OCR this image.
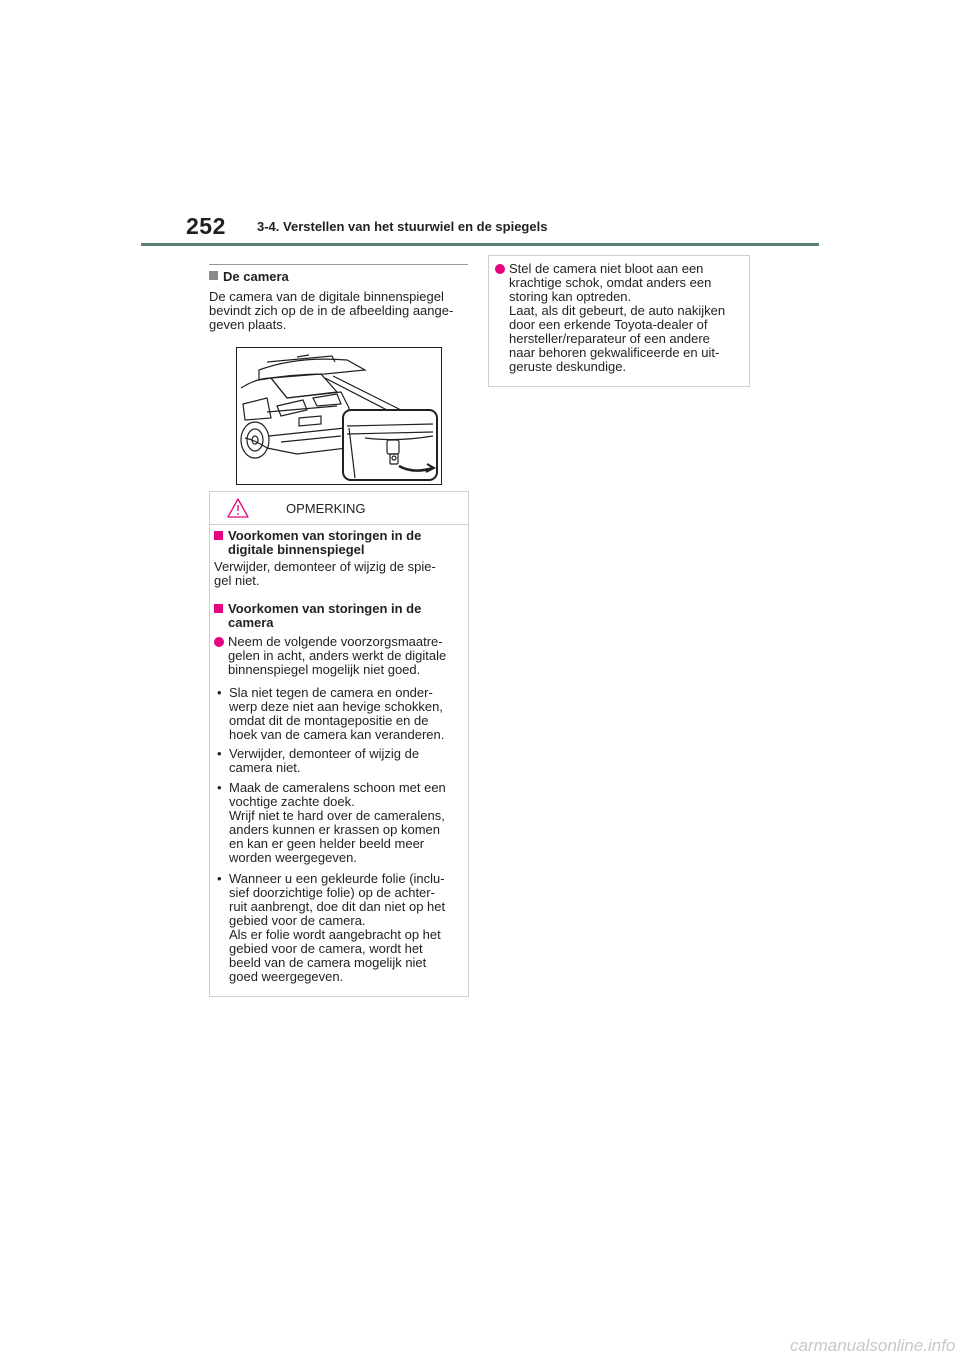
252 3-4. Verstellen van het stuurwiel en de spiegels
De camera
De camera van de digitale binnenspiegel
bevindt zich op de in de afbeelding aange-
geven plaats.
OPMERKING
Voorkomen van storingen in de
digitale binnenspiegel
Verwijder, demonteer of wijzig de spie-
gel niet.
Voorkomen van storingen in de
camera
Neem de volgende voorzorgsmaatre-
gelen in acht, anders werkt de digitale
binnenspiegel mogelijk niet goed.
• Sla niet tegen de camera en onder-
werp deze niet aan hevige schokken,
omdat dit de montagepositie en de
hoek van de camera kan veranderen.
• Verwijder, demonteer of wijzig de
camera niet.
• Maak de cameralens schoon met een
vochtige zachte doek.
Wrijf niet te hard over de cameralens,
anders kunnen er krassen op komen
en kan er geen helder beeld meer
worden weergegeven.
• Wanneer u een gekleurde folie (inclu-
sief doorzichtige folie) op de achter-
ruit aanbrengt, doe dit dan niet op het
gebied voor de camera.
Als er folie wordt aangebracht op het
gebied voor de camera, wordt het
beeld van de camera mogelijk niet
goed weergegeven.
Stel de camera niet bloot aan een
krachtige schok, omdat anders een
storing kan optreden.
Laat, als dit gebeurt, de auto nakijken
door een erkende Toyota-dealer of
hersteller/reparateur of een andere
naar behoren gekwalificeerde en uit-
geruste deskundige.
carmanualsonline.info
